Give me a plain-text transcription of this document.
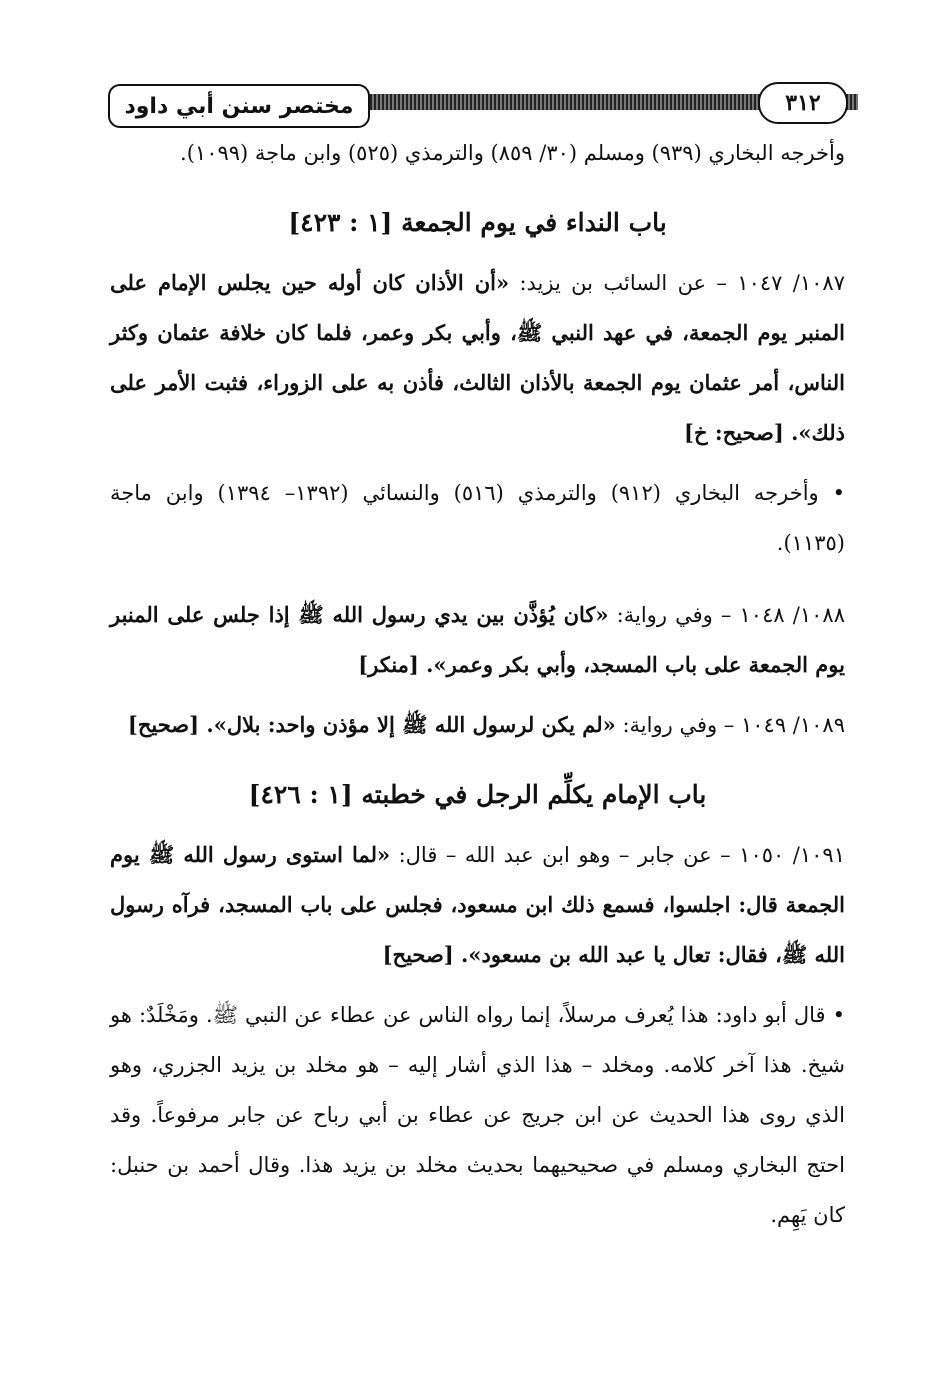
مختصر سنن أبي داود	٣١٢

وأخرجه البخاري (٩٣٩) ومسلم (٣٠/ ٨٥٩) والترمذي (٥٢٥) وابن ماجة (١٠٩٩).

باب النداء في يوم الجمعة [١ : ٤٢٣]

١٠٨٧/ ١٠٤٧ – عن السائب بن يزيد: «أن الأذان كان أوله حين يجلس الإمام على المنبر يوم الجمعة، في عهد النبي ﷺ، وأبي بكر وعمر، فلما كان خلافة عثمان وكثر الناس، أمر عثمان يوم الجمعة بالأذان الثالث، فأذن به على الزوراء، فثبت الأمر على ذلك». [صحيح: خ]

• وأخرجه البخاري (٩١٢) والترمذي (٥١٦) والنسائي (١٣٩٢– ١٣٩٤) وابن ماجة (١١٣٥).

١٠٨٨/ ١٠٤٨ – وفي رواية: «كان يُؤذَّن بين يدي رسول الله ﷺ إذا جلس على المنبر يوم الجمعة على باب المسجد، وأبي بكر وعمر». [منكر]

١٠٨٩/ ١٠٤٩ – وفي رواية: «لم يكن لرسول الله ﷺ إلا مؤذن واحد: بلال». [صحيح]

باب الإمام يكلِّم الرجل في خطبته [١ : ٤٢٦]

١٠٩١/ ١٠٥٠ – عن جابر – وهو ابن عبد الله – قال: «لما استوى رسول الله ﷺ يوم الجمعة قال: اجلسوا، فسمع ذلك ابن مسعود، فجلس على باب المسجد، فرآه رسول الله ﷺ، فقال: تعال يا عبد الله بن مسعود». [صحيح]

• قال أبو داود: هذا يُعرف مرسلاً، إنما رواه الناس عن عطاء عن النبي ﷺ. ومَخْلَدٌ: هو شيخ. هذا آخر كلامه. ومخلد – هذا الذي أشار إليه – هو مخلد بن يزيد الجزري، وهو الذي روى هذا الحديث عن ابن جريج عن عطاء بن أبي رباح عن جابر مرفوعاً. وقد احتج البخاري ومسلم في صحيحيهما بحديث مخلد بن يزيد هذا. وقال أحمد بن حنبل: كان يَهِم.
